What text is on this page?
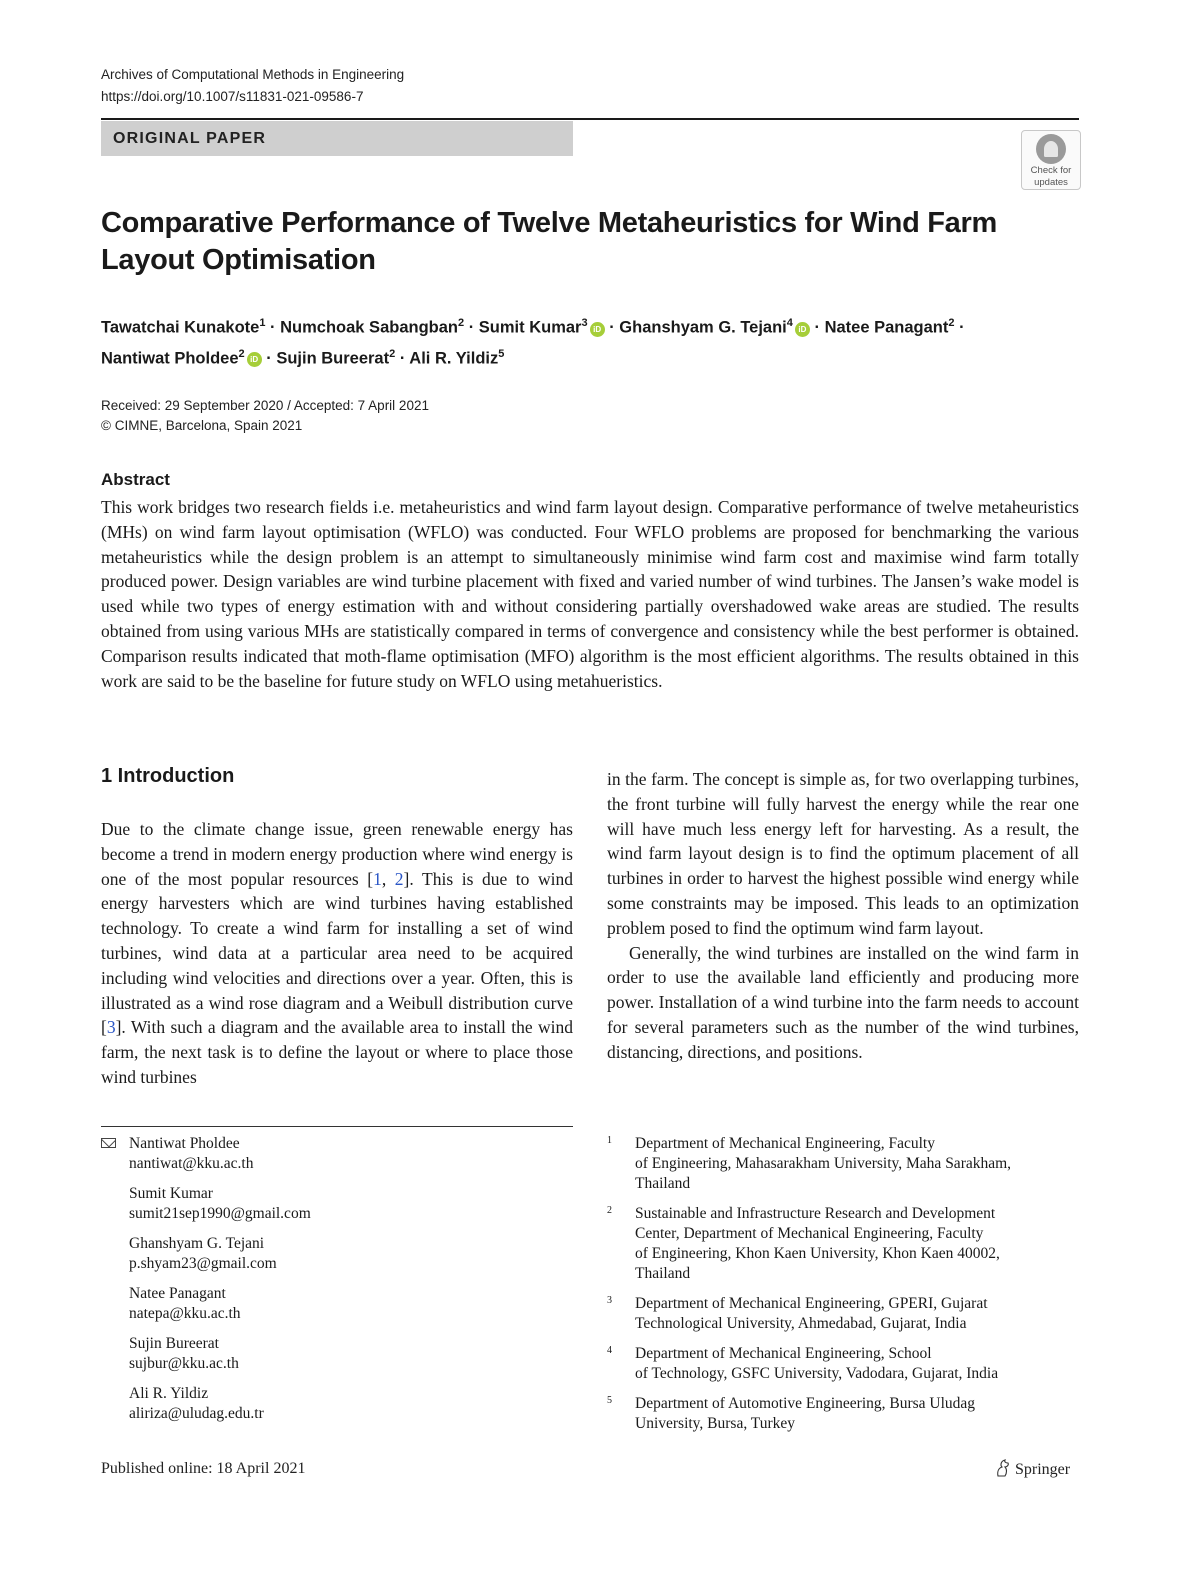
Archives of Computational Methods in Engineering
https://doi.org/10.1007/s11831-021-09586-7
ORIGINAL PAPER
Check for
updates
Comparative Performance of Twelve Metaheuristics for Wind Farm
Layout Optimisation
Tawatchai Kunakote$^1$ · Numchoak Sabangban$^2$ · Sumit Kumar$^3$ iD · Ghanshyam G. Tejani$^4$ iD · Natee Panagant$^2$ ·
Nantiwat Pholdee$^2$ iD · Sujin Bureerat$^2$ · Ali R. Yildiz$^5$
Received: 29 September 2020 / Accepted: 7 April 2021
© CIMNE, Barcelona, Spain 2021
Abstract

This work bridges two research fields i.e. metaheuristics and wind farm layout design. Comparative performance of twelve metaheuristics (MHs) on wind farm layout optimisation (WFLO) was conducted. Four WFLO problems are proposed for benchmarking the various metaheuristics while the design problem is an attempt to simultaneously minimise wind farm cost and maximise wind farm totally produced power. Design variables are wind turbine placement with fixed and varied number of wind turbines. The Jansen’s wake model is used while two types of energy estimation with and without considering partially overshadowed wake areas are studied. The results obtained from using various MHs are statistically compared in terms of convergence and consistency while the best performer is obtained. Comparison results indicated that moth-flame optimisation (MFO) algorithm is the most efficient algorithms. The results obtained in this work are said to be the baseline for future study on WFLO using metahueristics.

1 Introduction

Due to the climate change issue, green renewable energy has become a trend in modern energy production where wind energy is one of the most popular resources [1, 2]. This is due to wind energy harvesters which are wind turbines having established technology. To create a wind farm for installing a set of wind turbines, wind data at a particular area need to be acquired including wind velocities and directions over a year. Often, this is illustrated as a wind rose diagram and a Weibull distribution curve [3]. With such a diagram and the available area to install the wind farm, the next task is to define the layout or where to place those wind turbines

in the farm. The concept is simple as, for two overlapping turbines, the front turbine will fully harvest the energy while the rear one will have much less energy left for harvesting. As a result, the wind farm layout design is to find the optimum placement of all turbines in order to harvest the highest possible wind energy while some constraints may be imposed. This leads to an optimization problem posed to find the optimum wind farm layout.

Generally, the wind turbines are installed on the wind farm in order to use the available land efficiently and producing more power. Installation of a wind turbine into the farm needs to account for several parameters such as the number of the wind turbines, distancing, directions, and positions.

Nantiwat Pholdee
nantiwat@kku.ac.th
Sumit Kumar
sumit21sep1990@gmail.com
Ghanshyam G. Tejani
p.shyam23@gmail.com
Natee Panagant
natepa@kku.ac.th
Sujin Bureerat
sujbur@kku.ac.th
Ali R. Yildiz
aliriza@uludag.edu.tr
1 Department of Mechanical Engineering, Faculty
of Engineering, Mahasarakham University, Maha Sarakham,
Thailand
2 Sustainable and Infrastructure Research and Development
Center, Department of Mechanical Engineering, Faculty
of Engineering, Khon Kaen University, Khon Kaen 40002,
Thailand
3 Department of Mechanical Engineering, GPERI, Gujarat
Technological University, Ahmedabad, Gujarat, India
4 Department of Mechanical Engineering, School
of Technology, GSFC University, Vadodara, Gujarat, India
5 Department of Automotive Engineering, Bursa Uludag
University, Bursa, Turkey
Published online: 18 April 2021	Springer
